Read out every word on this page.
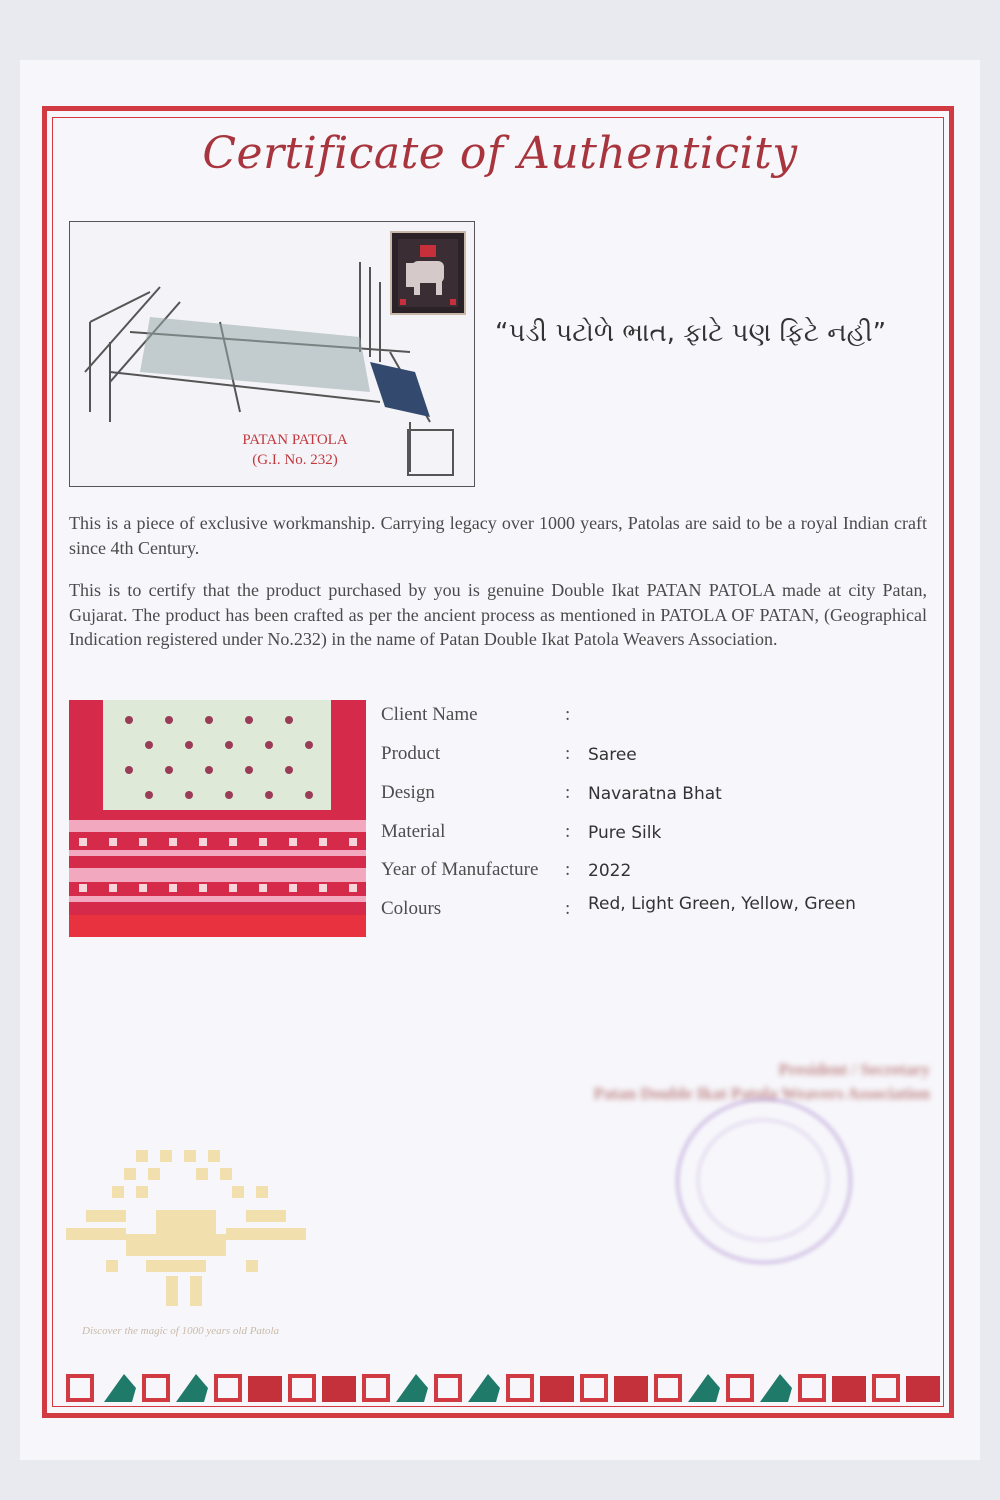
Certificate of Authenticity
PATAN PATOLA
(G.I. No. 232)
“પડી પટોળે ભાત, ફાટે પણ ફિટે નહી”
This is a piece of exclusive workmanship. Carrying legacy over 1000 years, Patolas are said to be a royal Indian craft since 4th Century.
This is to certify that the product purchased by you is genuine Double Ikat PATAN PATOLA made at city Patan, Gujarat. The product has been crafted as per the ancient process as mentioned in PATOLA OF PATAN, (Geographical Indication registered under No.232) in the name of Patan Double Ikat Patola Weavers Association.
Client Name	:
Product	: Saree
Design	: Navaratna Bhat
Material	: Pure Silk
Year of Manufacture : 2022
Colours	: Red, Light Green, Yellow, Green
President / Secretary
Patan Double Ikat Patola Weavers Association
Discover the magic of 1000 years old Patola
